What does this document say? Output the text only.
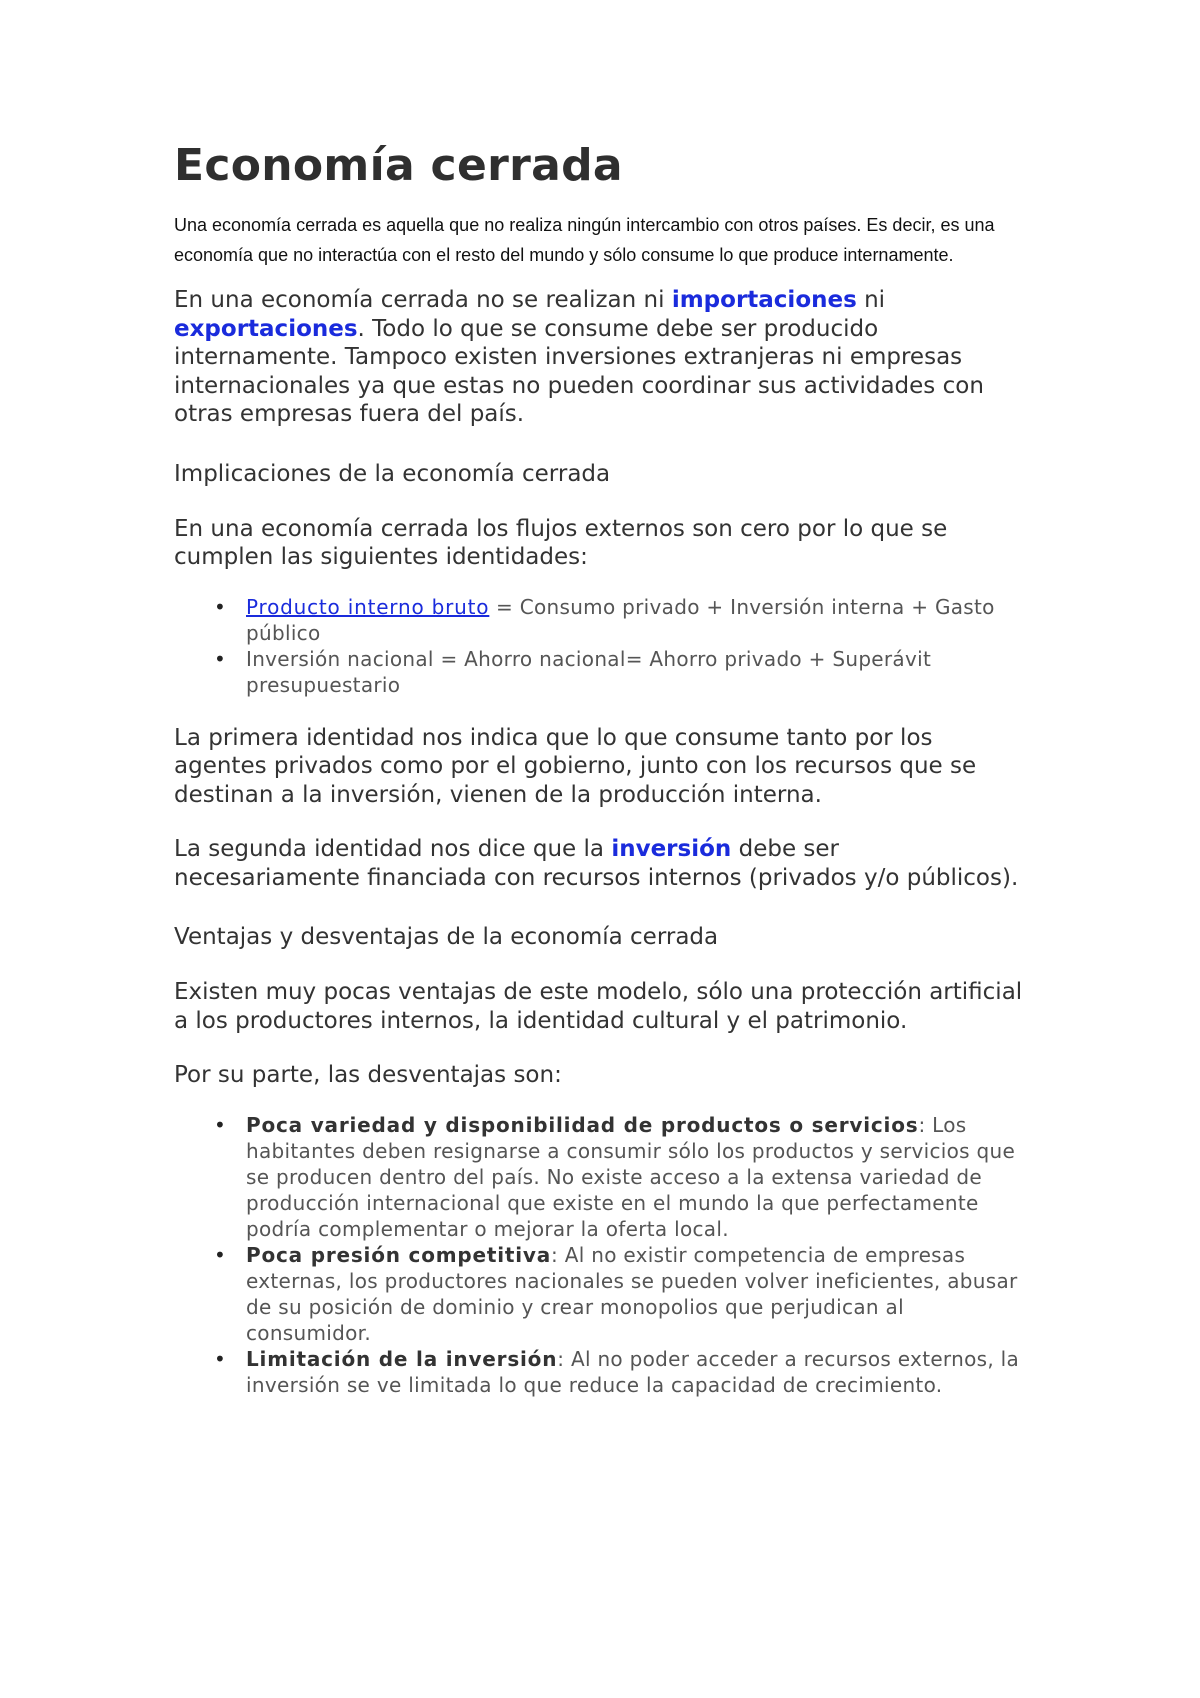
Economía cerrada

Una economía cerrada es aquella que no realiza ningún intercambio con otros países. Es decir, es una economía que no interactúa con el resto del mundo y sólo consume lo que produce internamente.

En una economía cerrada no se realizan ni importaciones ni exportaciones. Todo lo que se consume debe ser producido internamente. Tampoco existen inversiones extranjeras ni empresas internacionales ya que estas no pueden coordinar sus actividades con otras empresas fuera del país.

Implicaciones de la economía cerrada

En una economía cerrada los flujos externos son cero por lo que se cumplen las siguientes identidades:

• Producto interno bruto = Consumo privado + Inversión interna + Gasto público
• Inversión nacional = Ahorro nacional= Ahorro privado + Superávit presupuestario

La primera identidad nos indica que lo que consume tanto por los agentes privados como por el gobierno, junto con los recursos que se destinan a la inversión, vienen de la producción interna.

La segunda identidad nos dice que la inversión debe ser necesariamente financiada con recursos internos (privados y/o públicos).

Ventajas y desventajas de la economía cerrada

Existen muy pocas ventajas de este modelo, sólo una protección artificial a los productores internos, la identidad cultural y el patrimonio.

Por su parte, las desventajas son:

• Poca variedad y disponibilidad de productos o servicios: Los habitantes deben resignarse a consumir sólo los productos y servicios que se producen dentro del país. No existe acceso a la extensa variedad de producción internacional que existe en el mundo la que perfectamente podría complementar o mejorar la oferta local.
• Poca presión competitiva: Al no existir competencia de empresas externas, los productores nacionales se pueden volver ineficientes, abusar de su posición de dominio y crear monopolios que perjudican al consumidor.
• Limitación de la inversión: Al no poder acceder a recursos externos, la inversión se ve limitada lo que reduce la capacidad de crecimiento.
